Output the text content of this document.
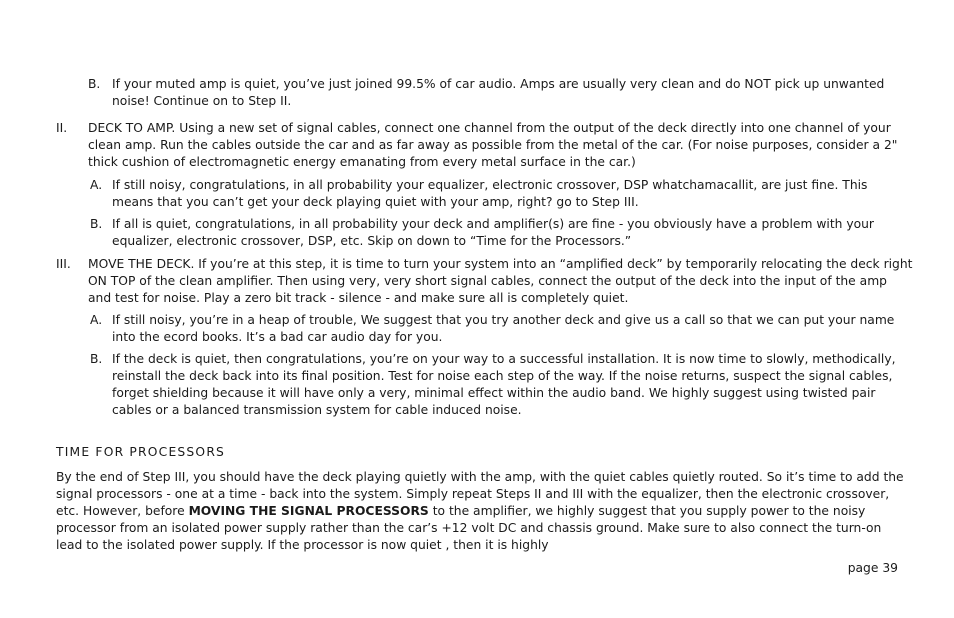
B. If your muted amp is quiet, you’ve just joined 99.5% of car audio. Amps are usually very clean and do NOT pick up unwanted noise! Continue on to Step II.
II. DECK TO AMP. Using a new set of signal cables, connect one channel from the output of the deck directly into one channel of your clean amp. Run the cables outside the car and as far away as possible from the metal of the car. (For noise purposes, consider a 2" thick cushion of electromagnetic energy emanating from every metal surface in the car.)
A. If still noisy, congratulations, in all probability your equalizer, electronic crossover, DSP whatchamacallit, are just fine. This means that you can’t get your deck playing quiet with your amp, right? go to Step III.
B. If all is quiet, congratulations, in all probability your deck and amplifier(s) are fine - you obviously have a problem with your equalizer, electronic crossover, DSP, etc. Skip on down to “Time for the Processors.”
III. MOVE THE DECK. If you’re at this step, it is time to turn your system into an “amplified deck” by temporarily relocating the deck right ON TOP of the clean amplifier. Then using very, very short signal cables, connect the output of the deck into the input of the amp and test for noise. Play a zero bit track - silence - and make sure all is completely quiet.
A. If still noisy, you’re in a heap of trouble, We suggest that you try another deck and give us a call so that we can put your name into the ecord books. It’s a bad car audio day for you.
B. If the deck is quiet, then congratulations, you’re on your way to a successful installation. It is now time to slowly, methodically, reinstall the deck back into its final position. Test for noise each step of the way. If the noise returns, suspect the signal cables, forget shielding because it will have only a very, minimal effect within the audio band. We highly suggest using twisted pair cables or a balanced transmission system for cable induced noise.
TIME FOR PROCESSORS
By the end of Step III, you should have the deck playing quietly with the amp, with the quiet cables quietly routed. So it’s time to add the signal processors - one at a time - back into the system. Simply repeat Steps II and III with the equalizer, then the electronic crossover, etc. However, before MOVING THE SIGNAL PROCESSORS to the amplifier, we highly suggest that you supply power to the noisy processor from an isolated power supply rather than the car’s +12 volt DC and chassis ground. Make sure to also connect the turn-on lead to the isolated power supply. If the processor is now quiet , then it is highly
page 39
